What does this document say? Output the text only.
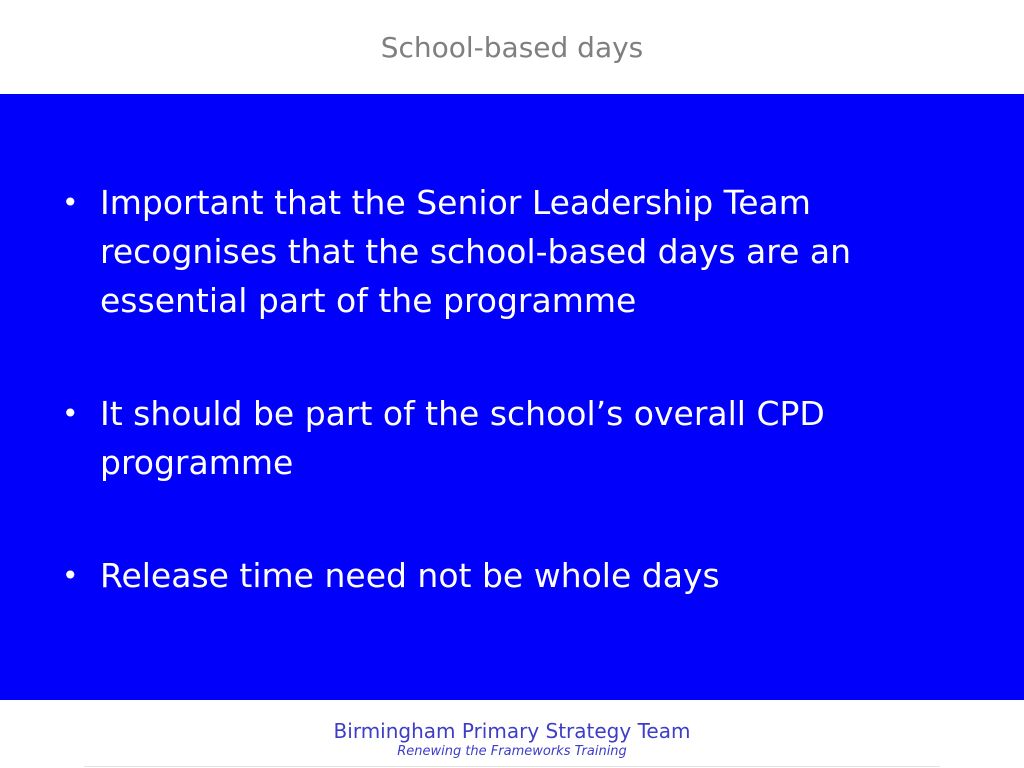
School-based days
• Important that the Senior Leadership Team recognises that the school-based days are an essential part of the programme
• It should be part of the school’s overall CPD programme
• Release time need not be whole days
Birmingham Primary Strategy Team
Renewing the Frameworks Training
